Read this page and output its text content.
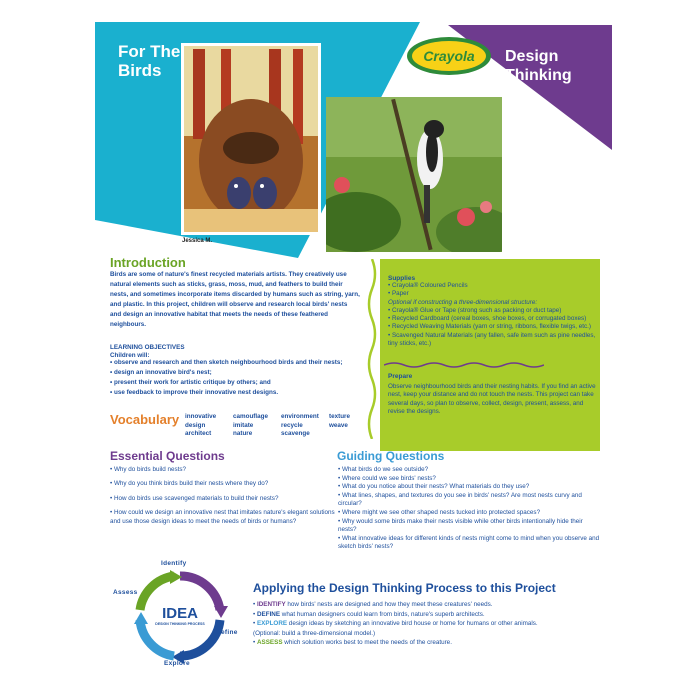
For The Birds
Jessica M.
Crayola Design Thinking
Introduction
Birds are some of nature's finest recycled materials artists. They creatively use natural elements such as sticks, grass, moss, mud, and feathers to build their nests, and sometimes incorporate items discarded by humans such as string, yarn, and plastic. In this project, children will observe and research local birds' nests and design an innovative habitat that meets the needs of these feathered neighbours.
LEARNING OBJECTIVES
Children will:
• observe and research and then sketch neighbourhood birds and their nests;
• design an innovative bird's nest;
• present their work for artistic critique by others; and
• use feedback to improve their innovative nest designs.
Vocabulary innovative
design
architect
camouflage
imitate
nature
environment
recycle
scavenge
texture
weave
Supplies
• Crayola® Coloured Pencils
• Paper
Optional if constructing a three-dimensional structure:
• Crayola® Glue or Tape (strong such as packing or duct tape)
• Recycled Cardboard (cereal boxes, shoe boxes, or corrugated boxes)
• Recycled Weaving Materials (yarn or string, ribbons, flexible twigs, etc.)
• Scavenged Natural Materials (any fallen, safe item such as pine needles, tiny sticks, etc.)
Prepare
Observe neighbourhood birds and their nesting habits. If you find an active nest, keep your distance and do not touch the nests. This project can take several days, so plan to observe, collect, design, present, assess, and revise the designs.
Essential Questions
• Why do birds build nests?
• Why do you think birds build their nests where they do?
• How do birds use scavenged materials to build their nests?
• How could we design an innovative nest that imitates nature's elegant solutions and use those design ideas to meet the needs of birds or humans?
Guiding Questions
• What birds do we see outside?
• Where could we see birds' nests?
• What do you notice about their nests? What materials do they use?
• What lines, shapes, and textures do you see in birds' nests? Are most nests curvy and circular?
• Where might we see other shaped nests tucked into protected spaces?
• Why would some birds make their nests visible while other birds intentionally hide their nests?
• What innovative ideas for different kinds of nests might come to mind when you observe and sketch birds' nests?
IDEA
DESIGN THINKING PROCESS
Identify
Define
Explore
Assess	Applying the Design Thinking Process to this Project
• IDENTIFY how birds' nests are designed and how they meet these creatures' needs.
• DEFINE what human designers could learn from birds, nature's superb architects.
• EXPLORE design ideas by sketching an innovative bird house or home for humans or other animals. (Optional: build a three-dimensional model.)
• ASSESS which solution works best to meet the needs of the creature.
